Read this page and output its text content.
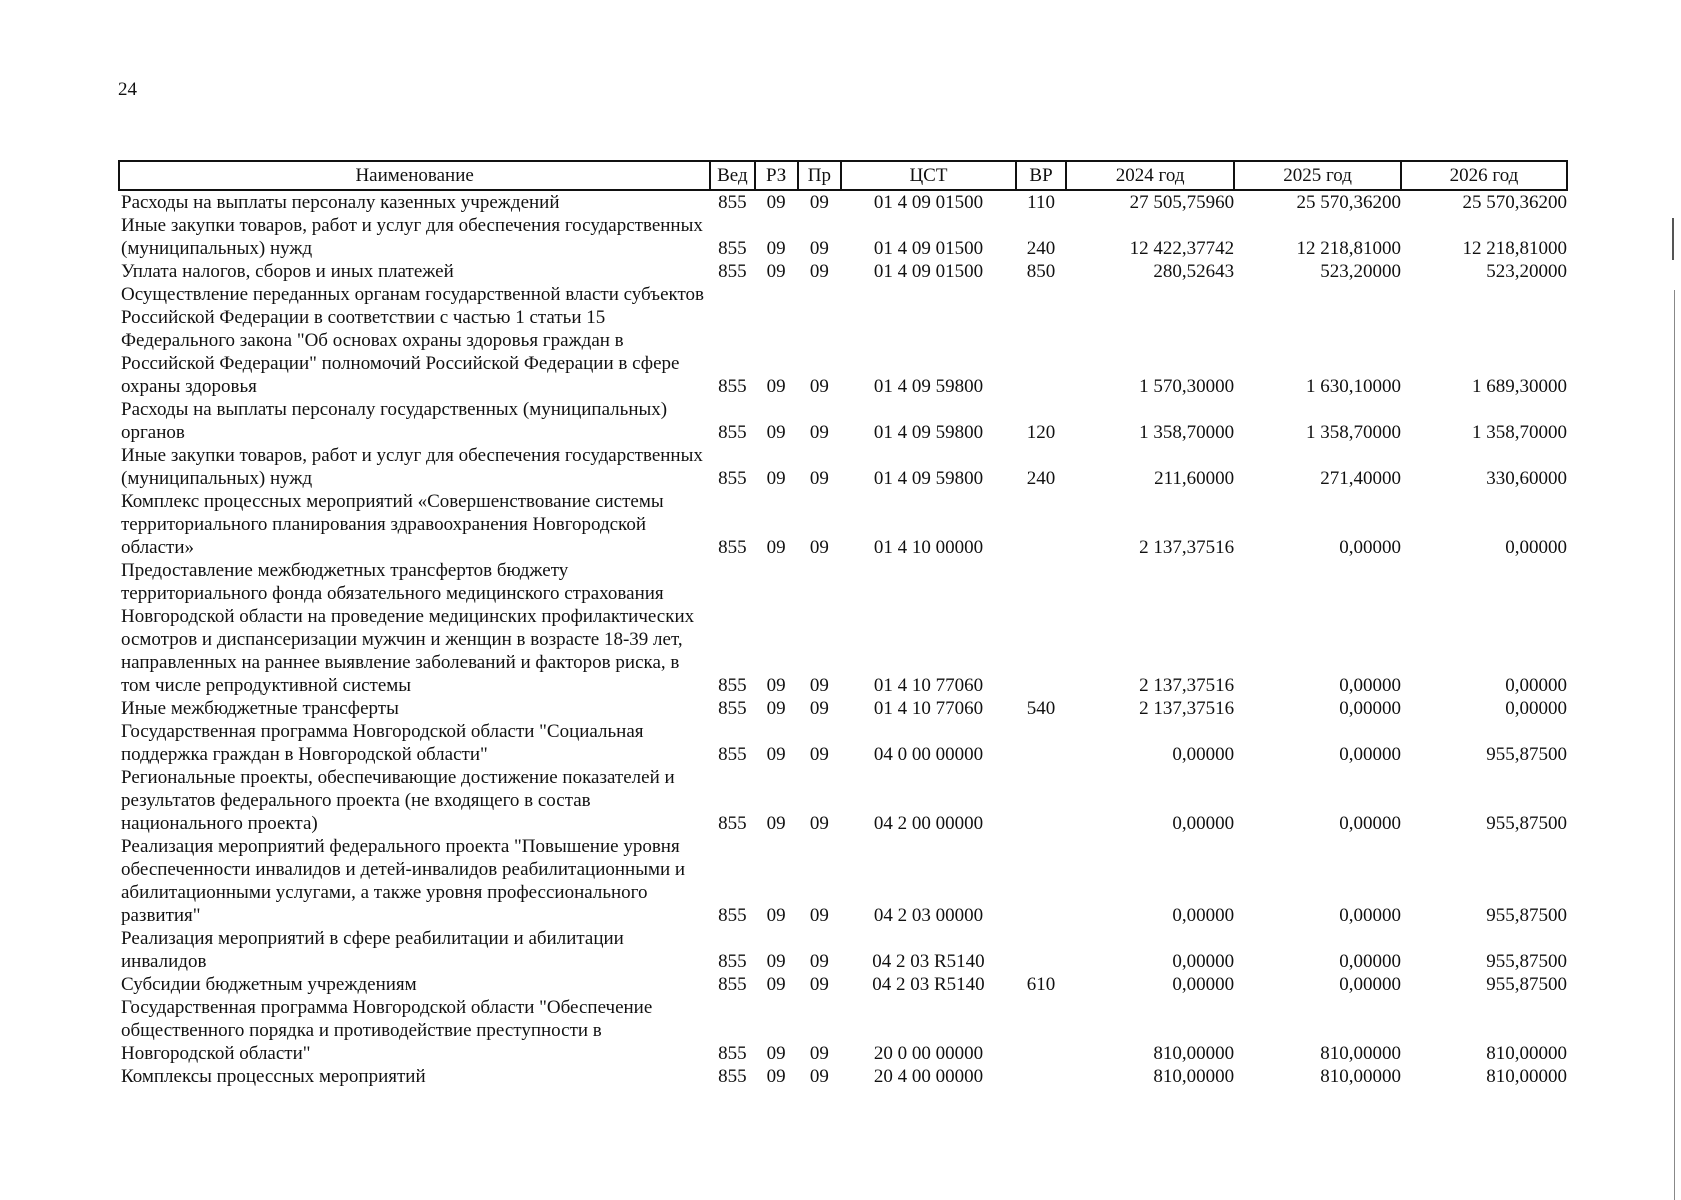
24
Наименование	Вед	РЗ	Пр	ЦСТ	ВР	2024 год	2025 год	2026 год
Расходы на выплаты персоналу казенных учреждений	855	09	09	01 4 09 01500	110	27 505,75960	25 570,36200	25 570,36200
Иные закупки товаров, работ и услуг для обеспечения государственных (муниципальных) нужд	855	09	09	01 4 09 01500	240	12 422,37742	12 218,81000	12 218,81000
Уплата налогов, сборов и иных платежей	855	09	09	01 4 09 01500	850	280,52643	523,20000	523,20000
Осуществление переданных органам государственной власти субъектов Российской Федерации в соответствии с частью 1 статьи 15 Федерального закона "Об основах охраны здоровья граждан в Российской Федерации" полномочий Российской Федерации в сфере охраны здоровья	855	09	09	01 4 09 59800		1 570,30000	1 630,10000	1 689,30000
Расходы на выплаты персоналу государственных (муниципальных) органов	855	09	09	01 4 09 59800	120	1 358,70000	1 358,70000	1 358,70000
Иные закупки товаров, работ и услуг для обеспечения государственных (муниципальных) нужд	855	09	09	01 4 09 59800	240	211,60000	271,40000	330,60000
Комплекс процессных мероприятий «Совершенствование системы территориального планирования здравоохранения Новгородской области»	855	09	09	01 4 10 00000		2 137,37516	0,00000	0,00000
Предоставление межбюджетных трансфертов бюджету территориального фонда обязательного медицинского страхования Новгородской области на проведение медицинских профилактических осмотров и диспансеризации мужчин и женщин в возрасте 18-39 лет, направленных на раннее выявление заболеваний и факторов риска, в том числе репродуктивной системы	855	09	09	01 4 10 77060		2 137,37516	0,00000	0,00000
Иные межбюджетные трансферты	855	09	09	01 4 10 77060	540	2 137,37516	0,00000	0,00000
Государственная программа Новгородской области "Социальная поддержка граждан в Новгородской области"	855	09	09	04 0 00 00000		0,00000	0,00000	955,87500
Региональные проекты, обеспечивающие достижение показателей и результатов федерального проекта (не входящего в состав национального проекта)	855	09	09	04 2 00 00000		0,00000	0,00000	955,87500
Реализация мероприятий федерального проекта "Повышение уровня обеспеченности инвалидов и детей-инвалидов реабилитационными и абилитационными услугами, а также уровня профессионального развития"	855	09	09	04 2 03 00000		0,00000	0,00000	955,87500
Реализация мероприятий в сфере реабилитации и абилитации инвалидов	855	09	09	04 2 03 R5140		0,00000	0,00000	955,87500
Субсидии бюджетным учреждениям	855	09	09	04 2 03 R5140	610	0,00000	0,00000	955,87500
Государственная программа Новгородской области "Обеспечение общественного порядка и противодействие преступности в Новгородской области"	855	09	09	20 0 00 00000		810,00000	810,00000	810,00000
Комплексы процессных мероприятий	855	09	09	20 4 00 00000		810,00000	810,00000	810,00000
